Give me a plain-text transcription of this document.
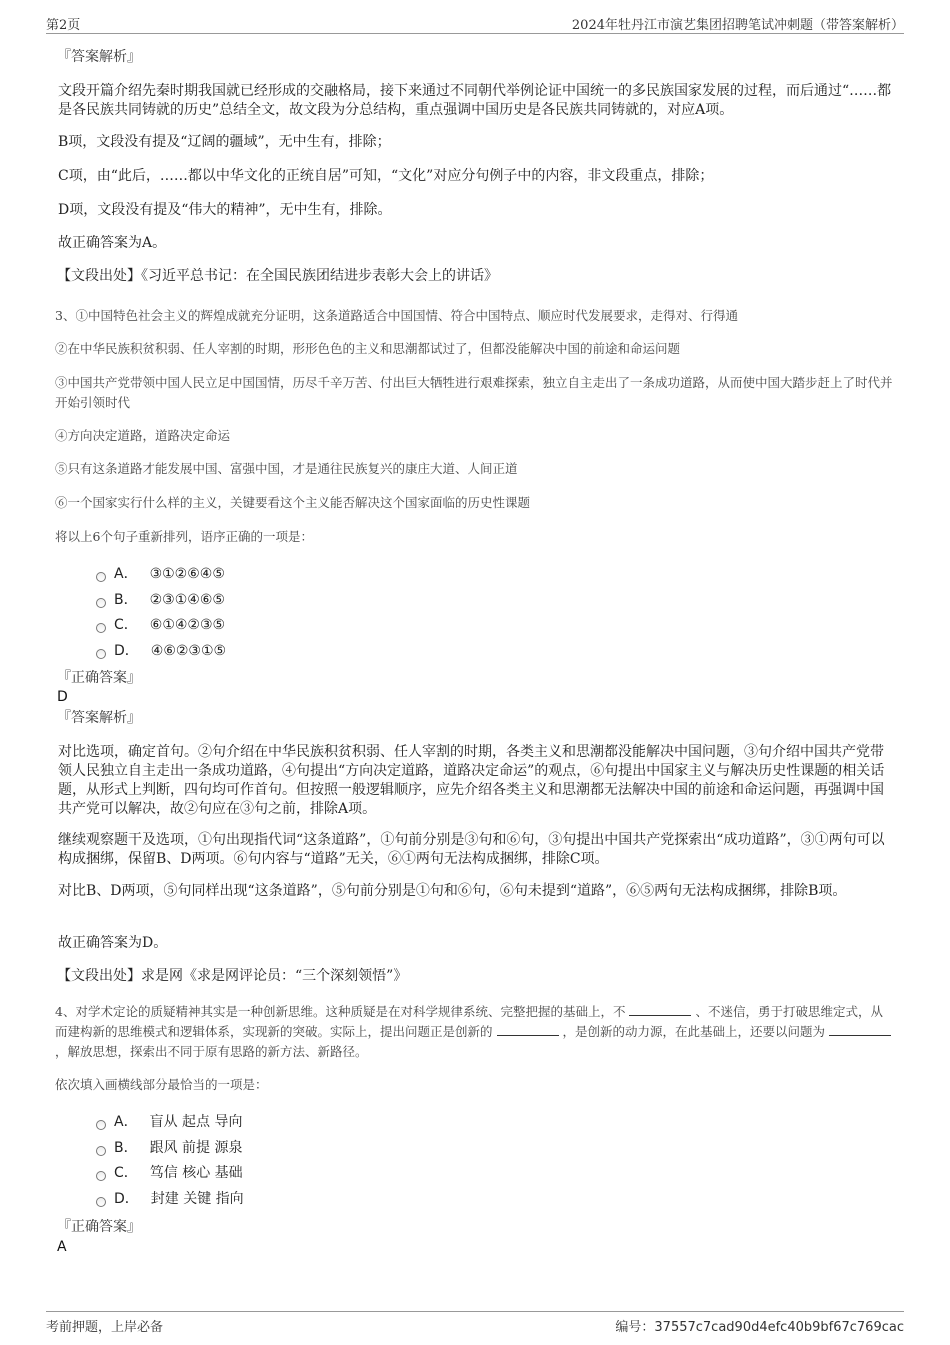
第2页	2024年牡丹江市演艺集团招聘笔试冲刺题（带答案解析）
『答案解析』
文段开篇介绍先秦时期我国就已经形成的交融格局，接下来通过不同朝代举例论证中国统一的多民族国家发展的过程，而后通过“……都是各民族共同铸就的历史”总结全文，故文段为分总结构，重点强调中国历史是各民族共同铸就的，对应A项。
B项，文段没有提及“辽阔的疆域”，无中生有，排除；
C项，由“此后，……都以中华文化的正统自居”可知，“文化”对应分句例子中的内容，非文段重点，排除；
D项，文段没有提及“伟大的精神”，无中生有，排除。
故正确答案为A。
【文段出处】《习近平总书记：在全国民族团结进步表彰大会上的讲话》
3、①中国特色社会主义的辉煌成就充分证明，这条道路适合中国国情、符合中国特点、顺应时代发展要求，走得对、行得通
②在中华民族积贫积弱、任人宰割的时期，形形色色的主义和思潮都试过了，但都没能解决中国的前途和命运问题
③中国共产党带领中国人民立足中国国情，历尽千辛万苦、付出巨大牺牲进行艰难探索，独立自主走出了一条成功道路，从而使中国大踏步赶上了时代并开始引领时代
④方向决定道路，道路决定命运
⑤只有这条道路才能发展中国、富强中国，才是通往民族复兴的康庄大道、人间正道
⑥一个国家实行什么样的主义，关键要看这个主义能否解决这个国家面临的历史性课题
将以上6个句子重新排列，语序正确的一项是：
A． ③①②⑥④⑤
B． ②③①④⑥⑤
C． ⑥①④②③⑤
D． ④⑥②③①⑤
『正确答案』
D
『答案解析』
对比选项，确定首句。②句介绍在中华民族积贫积弱、任人宰割的时期，各类主义和思潮都没能解决中国问题，③句介绍中国共产党带领人民独立自主走出一条成功道路，④句提出“方向决定道路，道路决定命运”的观点，⑥句提出中国家主义与解决历史性课题的相关话题，从形式上判断，四句均可作首句。但按照一般逻辑顺序，应先介绍各类主义和思潮都无法解决中国的前途和命运问题，再强调中国共产党可以解决，故②句应在③句之前，排除A项。
继续观察题干及选项，①句出现指代词“这条道路”，①句前分别是③句和⑥句，③句提出中国共产党探索出“成功道路”，③①两句可以构成捆绑，保留B、D两项。⑥句内容与“道路”无关，⑥①两句无法构成捆绑，排除C项。
对比B、D两项，⑤句同样出现“这条道路”，⑤句前分别是①句和⑥句，⑥句未提到“道路”，⑥⑤两句无法构成捆绑，排除B项。
故正确答案为D。
【文段出处】求是网《求是网评论员：“三个深刻领悟”》
4、对学术定论的质疑精神其实是一种创新思维。这种质疑是在对科学规律系统、完整把握的基础上，不	、不迷信，勇于打破思维定式，从而建构新的思维模式和逻辑体系，实现新的突破。实际上，提出问题正是创新的	，是创新的动力源，在此基础上，还要以问题为  ，解放思想，探索出不同于原有思路的新方法、新路径。
依次填入画横线部分最恰当的一项是：
A． 盲从 起点 导向
B． 跟风 前提 源泉
C． 笃信 核心 基础
D． 封建 关键 指向
『正确答案』
A
考前押题，上岸必备	编号：37557c7cad90d4efc40b9bf67c769cac
